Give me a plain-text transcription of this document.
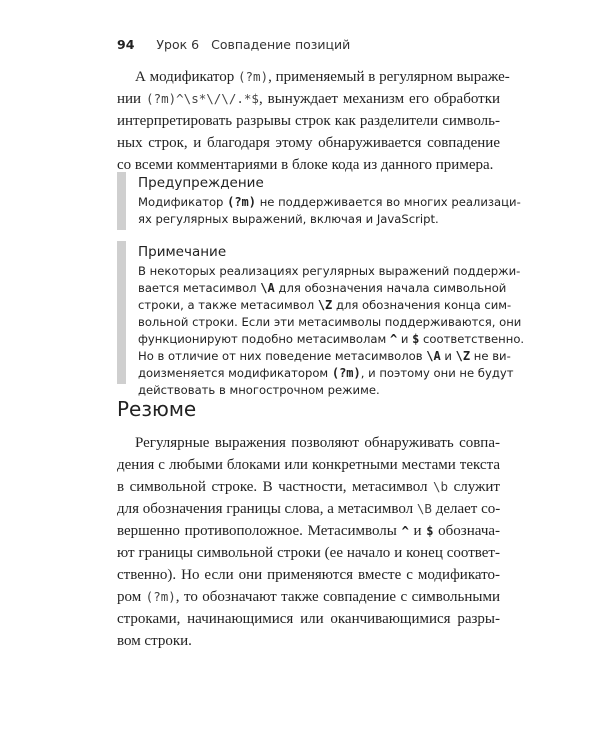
94 Урок 6 Совпадение позиций
А модификатор (?m), применяемый в регулярном выраже-
нии (?m)^\s*\/\/.*$, вынуждает механизм его обработки
интерпретировать разрывы строк как разделители символь-
ных строк, и благодаря этому обнаруживается совпадение
со всеми комментариями в блоке кода из данного примера.
Предупреждение
Модификатор (?m) не поддерживается во многих реализаци-
ях регулярных выражений, включая и JavaScript.
Примечание
В некоторых реализациях регулярных выражений поддержи-
вается метасимвол \A для обозначения начала символьной
строки, а также метасимвол \Z для обозначения конца сим-
вольной строки. Если эти метасимволы поддерживаются, они
функционируют подобно метасимволам ^ и $ соответственно.
Но в отличие от них поведение метасимволов \A и \Z не ви-
доизменяется модификатором (?m), и поэтому они не будут
действовать в многострочном режиме.
Резюме
Регулярные выражения позволяют обнаруживать совпа-
дения с любыми блоками или конкретными местами текста
в символьной строке. В частности, метасимвол \b служит
для обозначения границы слова, а метасимвол \B делает со-
вершенно противоположное. Метасимволы ^ и $ обознача-
ют границы символьной строки (ее начало и конец соответ-
ственно). Но если они применяются вместе с модификато-
ром (?m), то обозначают также совпадение с символьными
строками, начинающимися или оканчивающимися разры-
вом строки.
